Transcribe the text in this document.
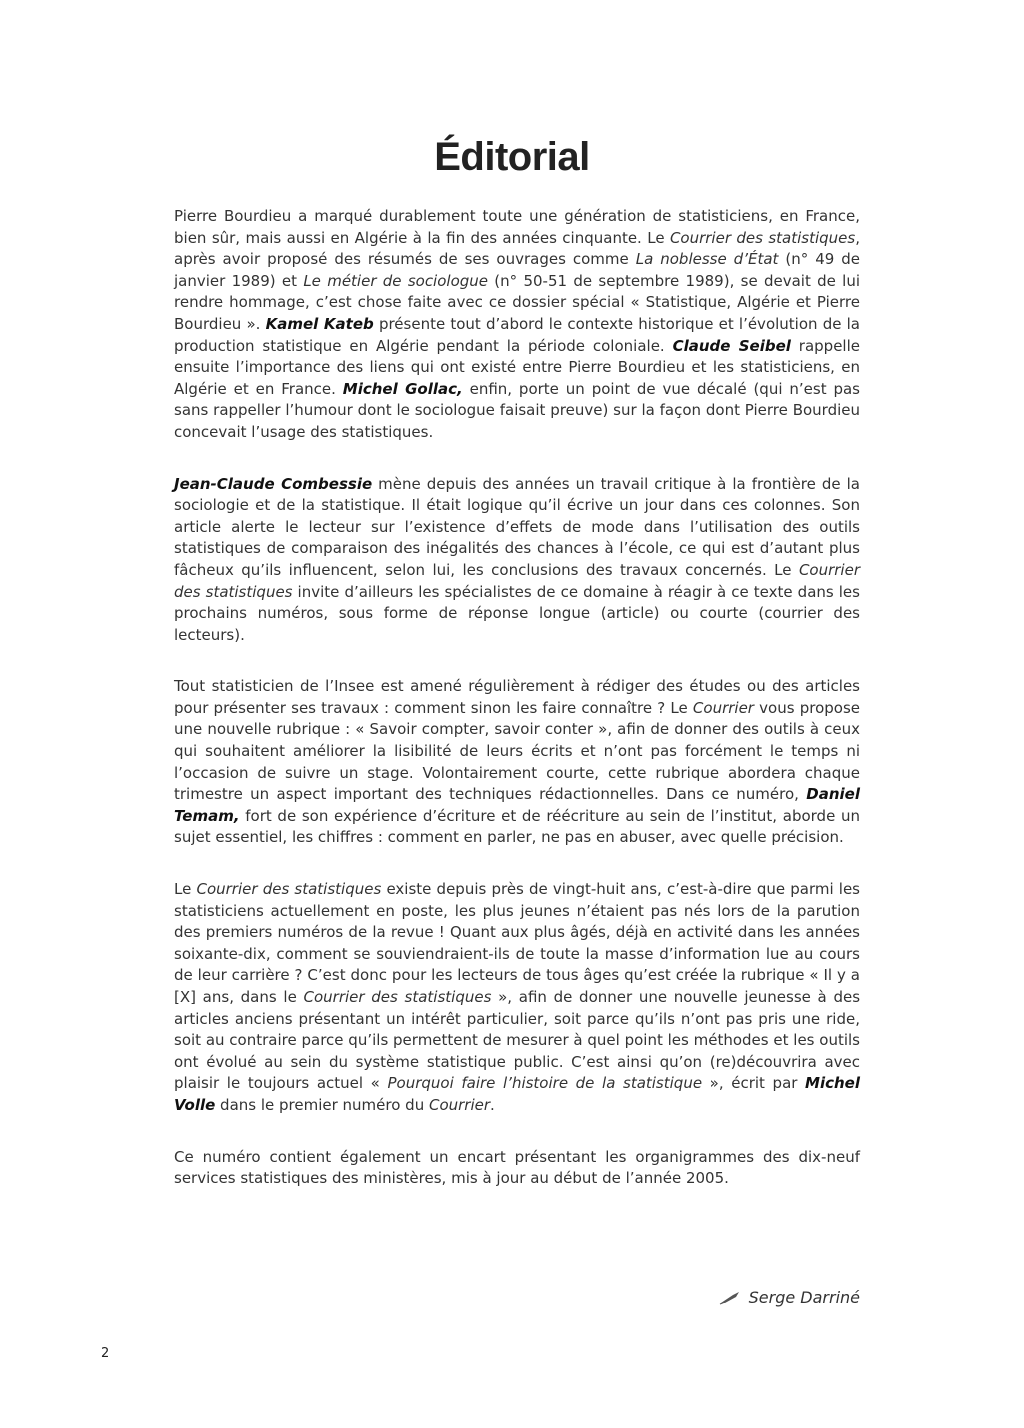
Éditorial

Pierre Bourdieu a marqué durablement toute une génération de statisticiens, en France, bien sûr, mais aussi en Algérie à la fin des années cinquante. Le Courrier des statistiques, après avoir proposé des résumés de ses ouvrages comme La noblesse d’État (n° 49 de janvier 1989) et Le métier de sociologue (n° 50-51 de septembre 1989), se devait de lui rendre hommage, c’est chose faite avec ce dossier spécial « Statistique, Algérie et Pierre Bourdieu ». Kamel Kateb présente tout d’abord le contexte historique et l’évolution de la production statistique en Algérie pendant la période coloniale. Claude Seibel rappelle ensuite l’importance des liens qui ont existé entre Pierre Bourdieu et les statisticiens, en Algérie et en France. Michel Gollac, enfin, porte un point de vue décalé (qui n’est pas sans rappeller l’humour dont le sociologue faisait preuve) sur la façon dont Pierre Bourdieu concevait l’usage des statistiques.

Jean-Claude Combessie mène depuis des années un travail critique à la frontière de la sociologie et de la statistique. Il était logique qu’il écrive un jour dans ces colonnes. Son article alerte le lecteur sur l’existence d’effets de mode dans l’utilisation des outils statistiques de comparaison des inégalités des chances à l’école, ce qui est d’autant plus fâcheux qu’ils influencent, selon lui, les conclusions des travaux concernés. Le Courrier des statistiques invite d’ailleurs les spécialistes de ce domaine à réagir à ce texte dans les prochains numéros, sous forme de réponse longue (article) ou courte (courrier des lecteurs).

Tout statisticien de l’Insee est amené régulièrement à rédiger des études ou des articles pour présenter ses travaux : comment sinon les faire connaître ? Le Courrier vous propose une nouvelle rubrique : « Savoir compter, savoir conter », afin de donner des outils à ceux qui souhaitent améliorer la lisibilité de leurs écrits et n’ont pas forcément le temps ni l’occasion de suivre un stage. Volontairement courte, cette rubrique abordera chaque trimestre un aspect important des techniques rédactionnelles. Dans ce numéro, Daniel Temam, fort de son expérience d’écriture et de réécriture au sein de l’institut, aborde un sujet essentiel, les chiffres : comment en parler, ne pas en abuser, avec quelle précision.

Le Courrier des statistiques existe depuis près de vingt-huit ans, c’est-à-dire que parmi les statisticiens actuellement en poste, les plus jeunes n’étaient pas nés lors de la parution des premiers numéros de la revue ! Quant aux plus âgés, déjà en activité dans les années soixante-dix, comment se souviendraient-ils de toute la masse d’information lue au cours de leur carrière ? C’est donc pour les lecteurs de tous âges qu’est créée la rubrique « Il y a [X] ans, dans le Courrier des statistiques », afin de donner une nouvelle jeunesse à des articles anciens présentant un intérêt particulier, soit parce qu’ils n’ont pas pris une ride, soit au contraire parce qu’ils permettent de mesurer à quel point les méthodes et les outils ont évolué au sein du système statistique public. C’est ainsi qu’on (re)découvrira avec plaisir le toujours actuel « Pourquoi faire l’histoire de la statistique », écrit par Michel Volle dans le premier numéro du Courrier.

Ce numéro contient également un encart présentant les organigrammes des dix-neuf services statistiques des ministères, mis à jour au début de l’année 2005.

Serge Darriné
2
